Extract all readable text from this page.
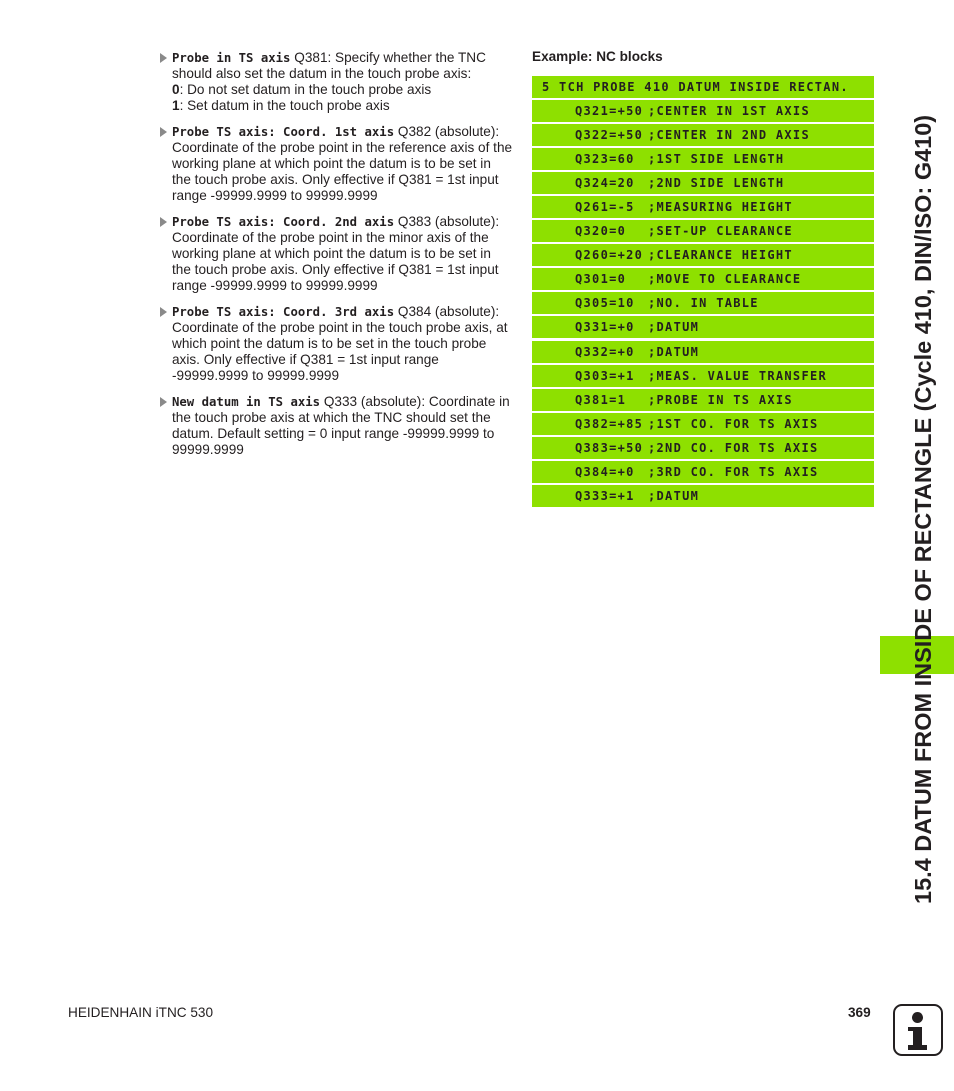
Probe in TS axis Q381: Specify whether the TNC should also set the datum in the touch probe axis:
0: Do not set datum in the touch probe axis
1: Set datum in the touch probe axis
Probe TS axis: Coord. 1st axis Q382 (absolute): Coordinate of the probe point in the reference axis of the working plane at which point the datum is to be set in the touch probe axis. Only effective if Q381 = 1st input range -99999.9999 to 99999.9999
Probe TS axis: Coord. 2nd axis Q383 (absolute): Coordinate of the probe point in the minor axis of the working plane at which point the datum is to be set in the touch probe axis. Only effective if Q381 = 1st input range -99999.9999 to 99999.9999
Probe TS axis: Coord. 3rd axis Q384 (absolute): Coordinate of the probe point in the touch probe axis, at which point the datum is to be set in the touch probe axis. Only effective if Q381 = 1st input range -99999.9999 to 99999.9999
New datum in TS axis Q333 (absolute): Coordinate in the touch probe axis at which the TNC should set the datum. Default setting = 0 input range -99999.9999 to 99999.9999
Example: NC blocks
5 TCH PROBE 410 DATUM INSIDE RECTAN.
Q321=+50 ;CENTER IN 1ST AXIS
Q322=+50 ;CENTER IN 2ND AXIS
Q323=60 ;1ST SIDE LENGTH
Q324=20 ;2ND SIDE LENGTH
Q261=-5 ;MEASURING HEIGHT
Q320=0 ;SET-UP CLEARANCE
Q260=+20 ;CLEARANCE HEIGHT
Q301=0 ;MOVE TO CLEARANCE
Q305=10 ;NO. IN TABLE
Q331=+0 ;DATUM
Q332=+0 ;DATUM
Q303=+1 ;MEAS. VALUE TRANSFER
Q381=1 ;PROBE IN TS AXIS
Q382=+85 ;1ST CO. FOR TS AXIS
Q383=+50 ;2ND CO. FOR TS AXIS
Q384=+0 ;3RD CO. FOR TS AXIS
Q333=+1 ;DATUM	15.4 DATUM FROM INSIDE OF RECTANGLE (Cycle 410, DIN/ISO: G410)
HEIDENHAIN iTNC 530	369
